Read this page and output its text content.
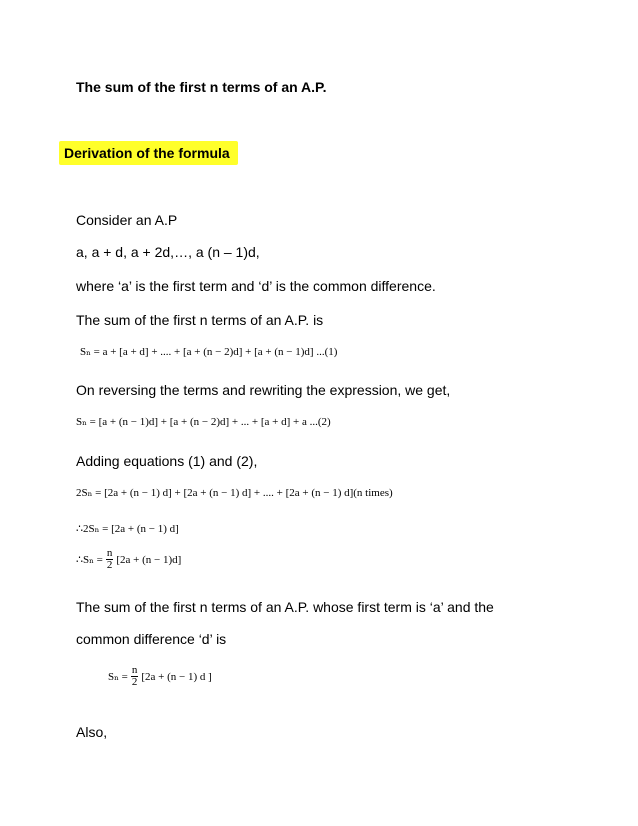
The sum of the first n terms of an A.P.
Derivation of the formula
Consider an A.P
a, a + d, a + 2d,…, a (n – 1)d,
where ‘a’ is the first term and ‘d’ is the common difference.
The sum of the first n terms of an A.P. is
Sₙ = a + [a + d] + .... + [a + (n − 2)d] + [a + (n − 1)d] ...(1)
On reversing the terms and rewriting the expression, we get,
Sₙ = [a + (n − 1)d] + [a + (n − 2)d] + ... + [a + d] + a ...(2)
Adding equations (1) and (2),
2Sₙ = [2a + (n − 1) d] + [2a + (n − 1) d] + .... + [2a + (n − 1) d](n times)
∴2Sₙ = [2a + (n − 1) d]
∴Sₙ = $\frac{n}{2} [2a + (n - 1)d]$
The sum of the first n terms of an A.P. whose first term is ‘a’ and the
common difference ‘d’ is
$S_n = \frac{n}{2} [2a + (n - 1)$ d ]
Also,
